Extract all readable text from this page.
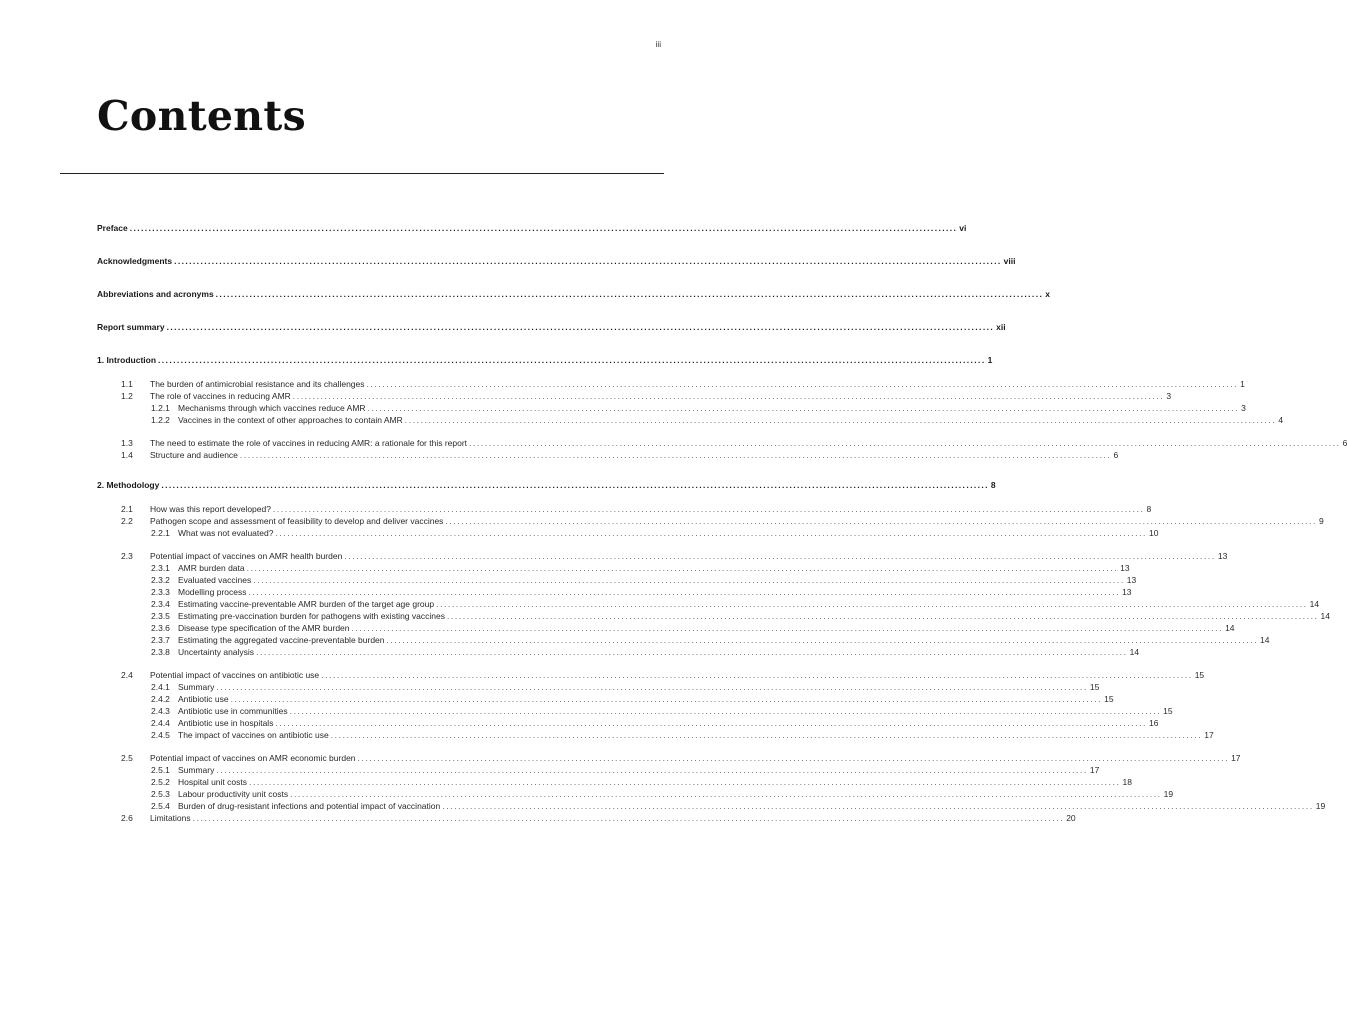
iii
Contents
Preface ............................................................................................................................................................................................................................ vi
Acknowledgments ............................................................................................................................................................................................................................ viii
Abbreviations and acronyms ............................................................................................................................................................................................................................ x
Report summary ............................................................................................................................................................................................................................ xii
1. Introduction ............................................................................................................................................................................................................................ 1
1.1	The burden of antimicrobial resistance and its challenges ............................................................................................................................................................................................................................ 1
1.2	The role of vaccines in reducing AMR ............................................................................................................................................................................................................................ 3
1.2.1 Mechanisms through which vaccines reduce AMR ............................................................................................................................................................................................................................ 3
1.2.2 Vaccines in the context of other approaches to contain AMR ............................................................................................................................................................................................................................ 4
1.3	The need to estimate the role of vaccines in reducing AMR: a rationale for this report ............................................................................................................................................................................................................................ 6
1.4	Structure and audience ............................................................................................................................................................................................................................ 6
2. Methodology ............................................................................................................................................................................................................................ 8
2.1	How was this report developed? ............................................................................................................................................................................................................................ 8
2.2	Pathogen scope and assessment of feasibility to develop and deliver vaccines ............................................................................................................................................................................................................................ 9
2.2.1 What was not evaluated? ............................................................................................................................................................................................................................ 10
2.3	Potential impact of vaccines on AMR health burden ............................................................................................................................................................................................................................ 13
2.3.1 AMR burden data ............................................................................................................................................................................................................................ 13
2.3.2 Evaluated vaccines ............................................................................................................................................................................................................................ 13
2.3.3 Modelling process ............................................................................................................................................................................................................................ 13
2.3.4 Estimating vaccine-preventable AMR burden of the target age group ............................................................................................................................................................................................................................ 14
2.3.5 Estimating pre-vaccination burden for pathogens with existing vaccines ............................................................................................................................................................................................................................ 14
2.3.6 Disease type specification of the AMR burden ............................................................................................................................................................................................................................ 14
2.3.7 Estimating the aggregated vaccine-preventable burden ............................................................................................................................................................................................................................ 14
2.3.8 Uncertainty analysis ............................................................................................................................................................................................................................ 14
2.4	Potential impact of vaccines on antibiotic use ............................................................................................................................................................................................................................ 15
2.4.1 Summary ............................................................................................................................................................................................................................ 15
2.4.2 Antibiotic use ............................................................................................................................................................................................................................ 15
2.4.3 Antibiotic use in communities ............................................................................................................................................................................................................................ 15
2.4.4 Antibiotic use in hospitals ............................................................................................................................................................................................................................ 16
2.4.5 The impact of vaccines on antibiotic use ............................................................................................................................................................................................................................ 17
2.5	Potential impact of vaccines on AMR economic burden ............................................................................................................................................................................................................................ 17
2.5.1 Summary ............................................................................................................................................................................................................................ 17
2.5.2 Hospital unit costs ............................................................................................................................................................................................................................ 18
2.5.3 Labour productivity unit costs ............................................................................................................................................................................................................................ 19
2.5.4 Burden of drug-resistant infections and potential impact of vaccination ............................................................................................................................................................................................................................ 19
2.6	Limitations ............................................................................................................................................................................................................................ 20
